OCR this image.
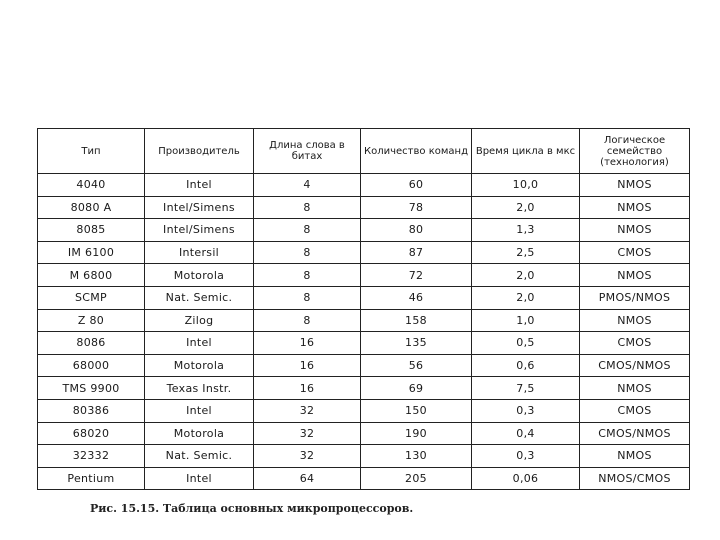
Тип	Производитель	Длина слова в битах	Количество команд	Время цикла в мкс	Логическое семейство (технология)
4040	Intel	4	60	10,0	NMOS
8080 A	Intel/Simens	8	78	2,0	NMOS
8085	Intel/Simens	8	80	1,3	NMOS
IM 6100	Intersil	8	87	2,5	CMOS
M 6800	Motorola	8	72	2,0	NMOS
SCMP	Nat. Semic.	8	46	2,0	PMOS/NMOS
Z 80	Zilog	8	158	1,0	NMOS
8086	Intel	16	135	0,5	CMOS
68000	Motorola	16	56	0,6	CMOS/NMOS
TMS 9900	Texas Instr.	16	69	7,5	NMOS
80386	Intel	32	150	0,3	CMOS
68020	Motorola	32	190	0,4	CMOS/NMOS
32332	Nat. Semic.	32	130	0,3	NMOS
Pentium	Intel	64	205	0,06	NMOS/CMOS
Рис. 15.15. Таблица основных микропроцессоров.
